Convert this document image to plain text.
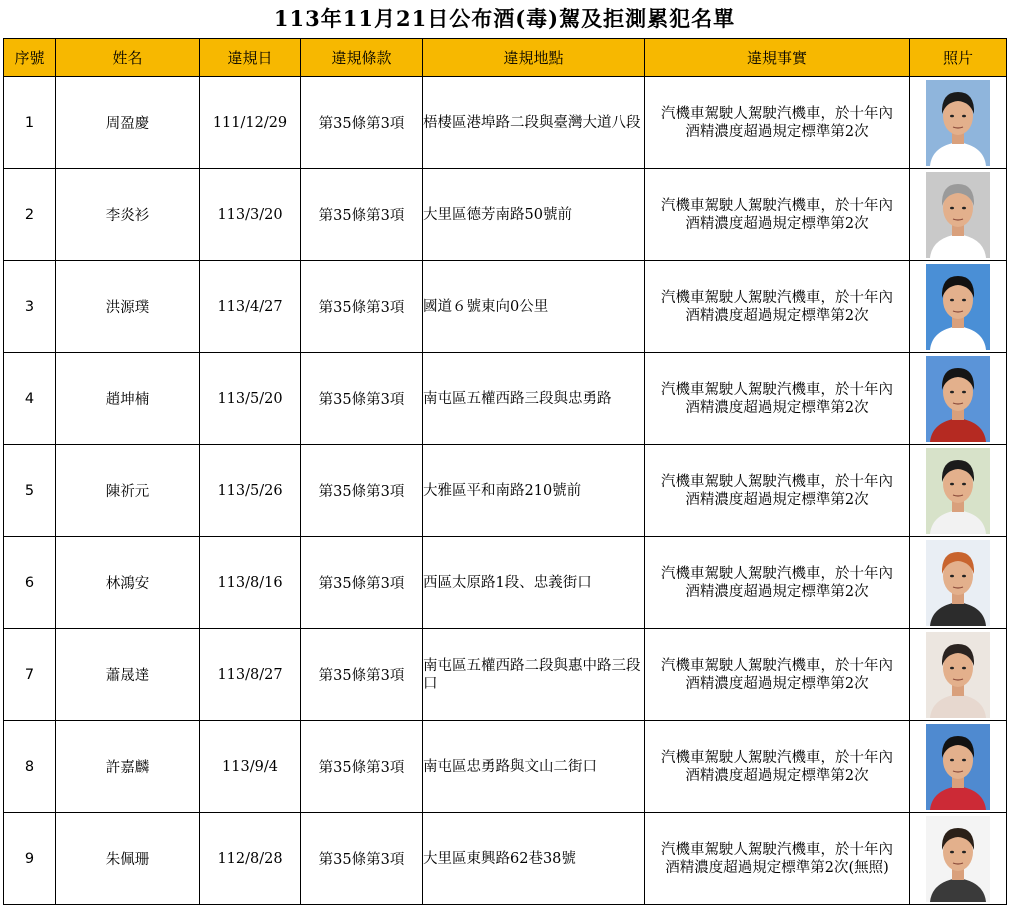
113年11月21日公布酒(毒)駕及拒測累犯名單
序號	姓名	違規日	違規條款	違規地點	違規事實	照片
1	周盈慶	111/12/29	第35條第3項	梧棲區港埠路二段與臺灣大道八段	汽機車駕駛人駕駛汽機車，於十年內
酒精濃度超過規定標準第2次

2	李炎衫	113/3/20	第35條第3項	大里區德芳南路50號前	汽機車駕駛人駕駛汽機車，於十年內
酒精濃度超過規定標準第2次

3	洪源璞	113/4/27	第35條第3項	國道６號東向0公里	汽機車駕駛人駕駛汽機車，於十年內
酒精濃度超過規定標準第2次

4	趙坤楠	113/5/20	第35條第3項	南屯區五權西路三段與忠勇路	汽機車駕駛人駕駛汽機車，於十年內
酒精濃度超過規定標準第2次

5	陳祈元	113/5/26	第35條第3項	大雅區平和南路210號前	汽機車駕駛人駕駛汽機車，於十年內
酒精濃度超過規定標準第2次

6	林鴻安	113/8/16	第35條第3項	西區太原路1段、忠義街口	汽機車駕駛人駕駛汽機車，於十年內
酒精濃度超過規定標準第2次

7	蕭晟達	113/8/27	第35條第3項	南屯區五權西路二段與惠中路三段口	汽機車駕駛人駕駛汽機車，於十年內
酒精濃度超過規定標準第2次

8	許嘉麟	113/9/4	第35條第3項	南屯區忠勇路與文山二街口	汽機車駕駛人駕駛汽機車，於十年內
酒精濃度超過規定標準第2次

9	朱佩珊	112/8/28	第35條第3項	大里區東興路62巷38號	汽機車駕駛人駕駛汽機車，於十年內
酒精濃度超過規定標準第2次(無照)
